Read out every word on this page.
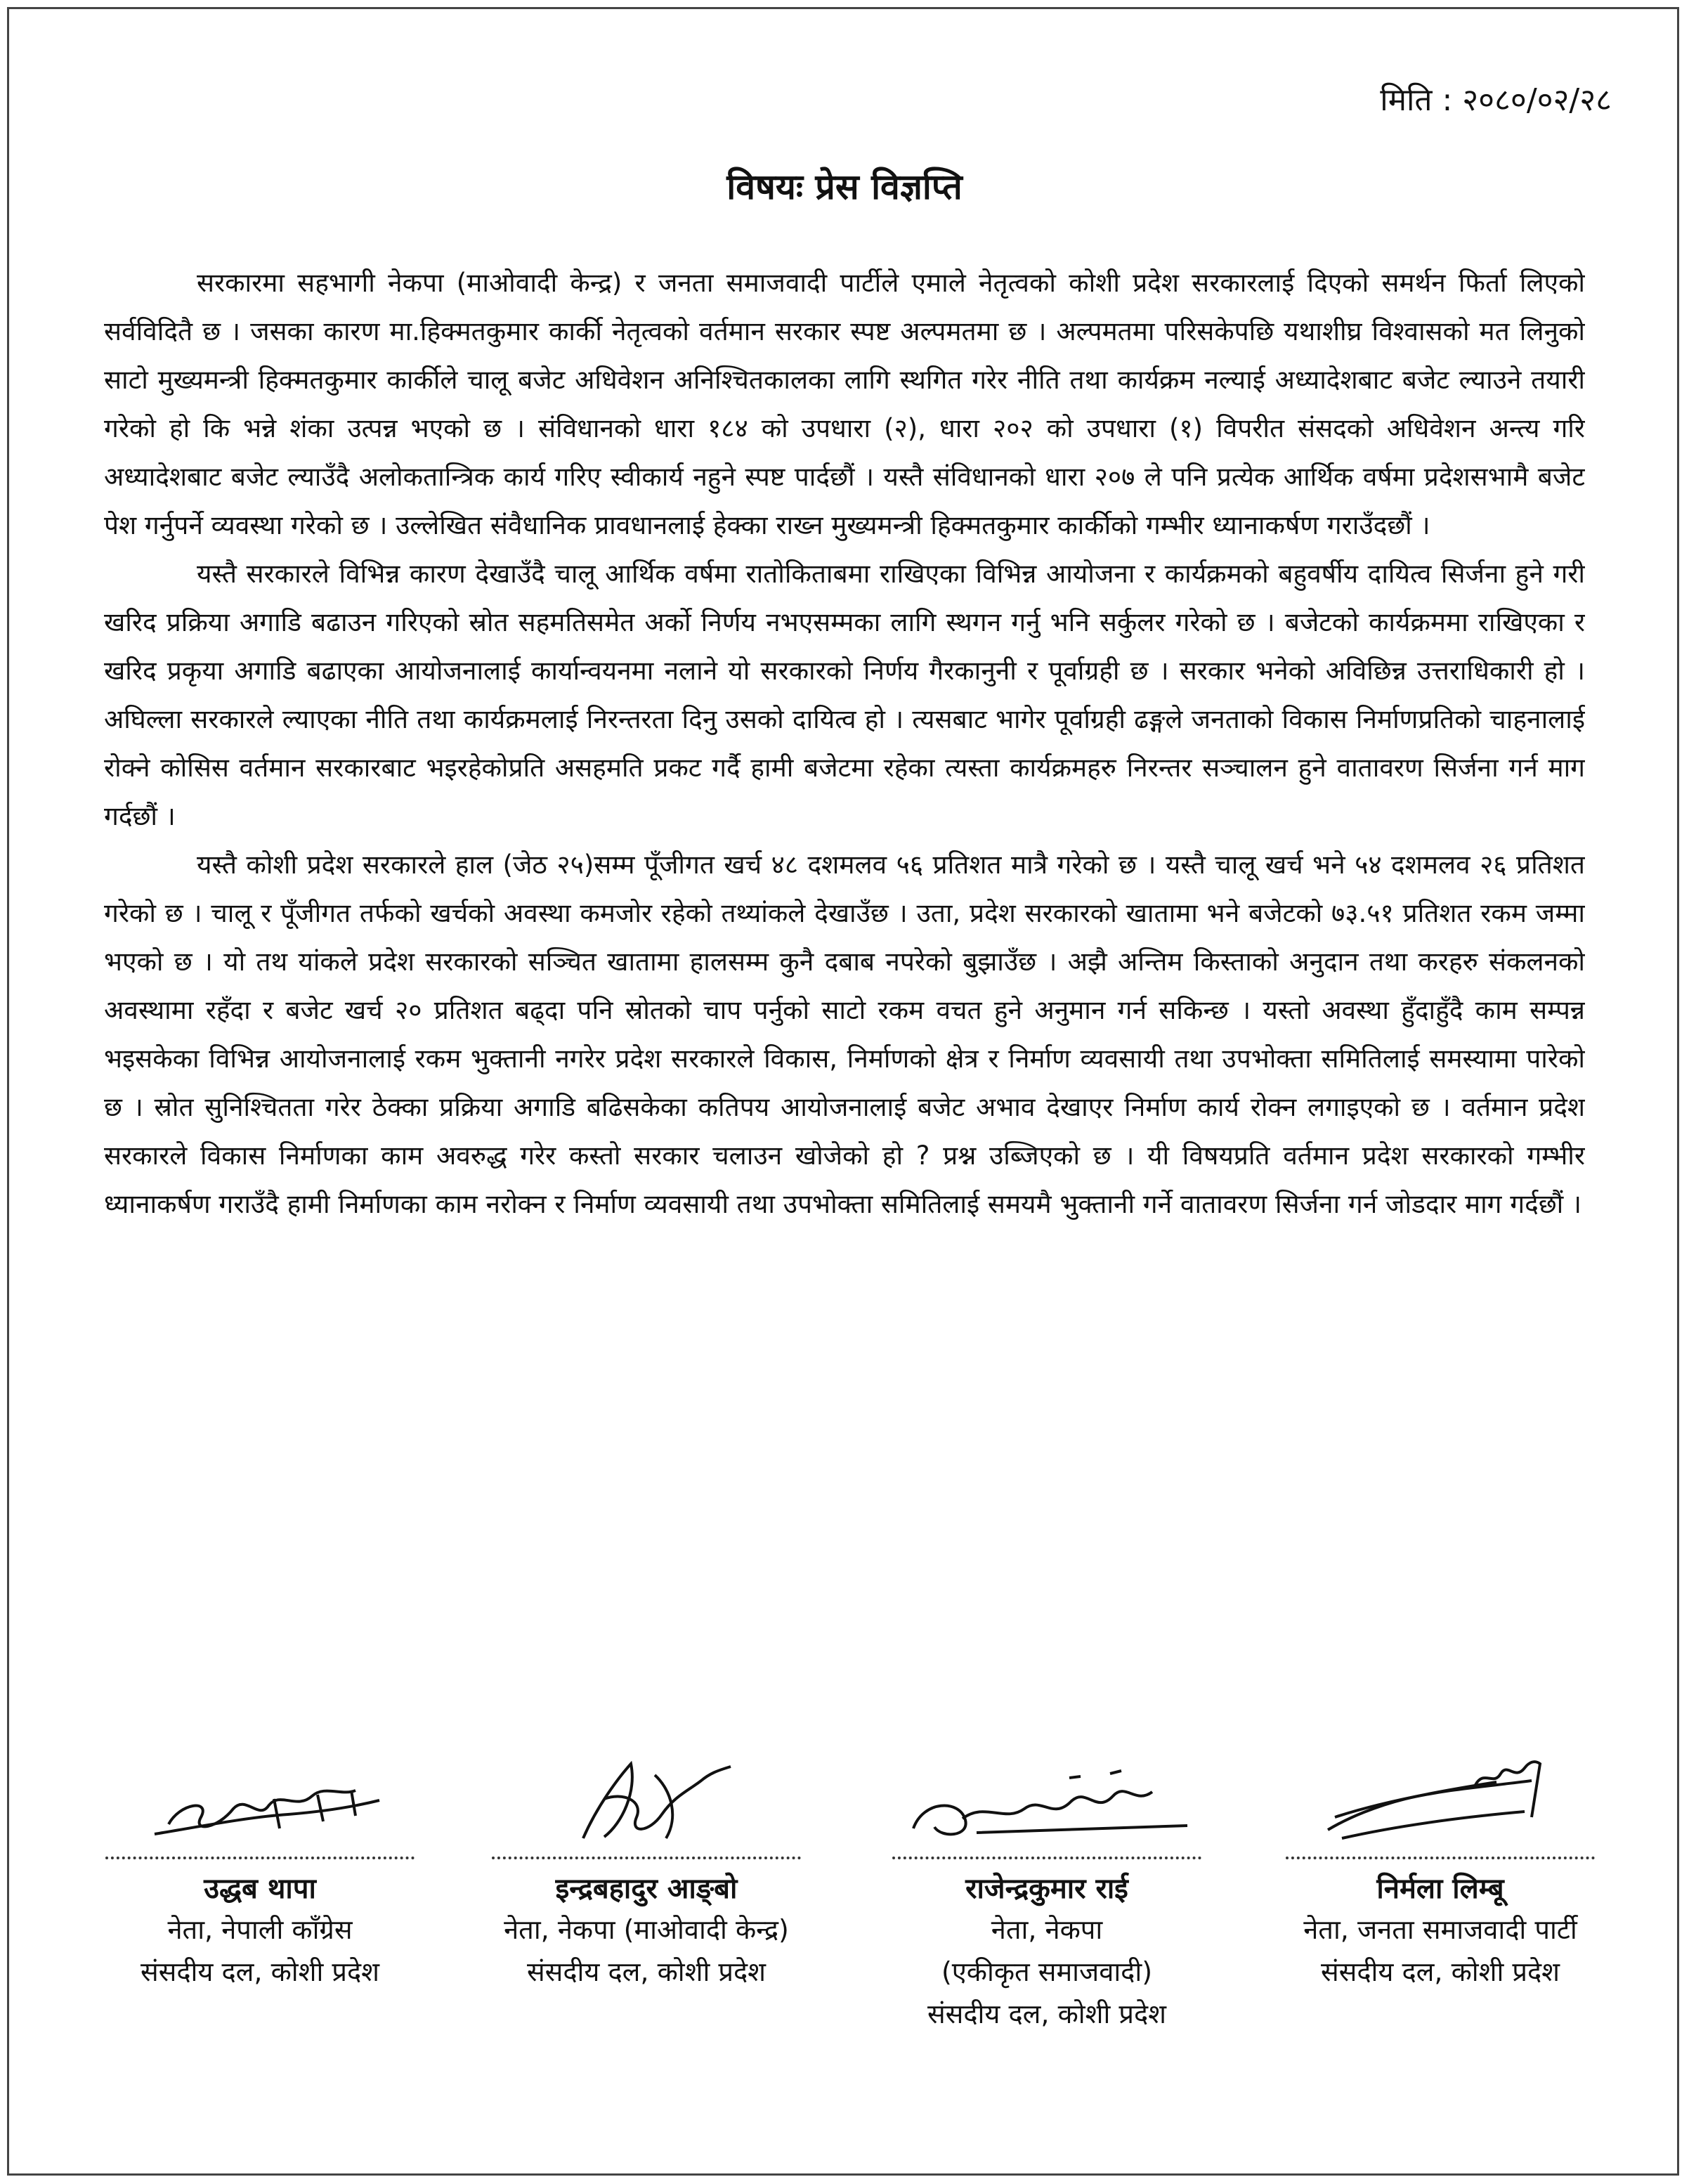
मिति : २०८०/०२/२८
विषयः प्रेस विज्ञप्ति

सरकारमा सहभागी नेकपा (माओवादी केन्द्र) र जनता समाजवादी पार्टीले एमाले नेतृत्वको कोशी प्रदेश सरकारलाई दिएको समर्थन फिर्ता लिएको सर्वविदितै छ । जसका कारण मा.हिक्मतकुमार कार्की नेतृत्वको वर्तमान सरकार स्पष्ट अल्पमतमा छ । अल्पमतमा परिसकेपछि यथाशीघ्र विश्वासको मत लिनुको साटो मुख्यमन्त्री हिक्मतकुमार कार्कीले चालू बजेट अधिवेशन अनिश्चितकालका लागि स्थगित गरेर नीति तथा कार्यक्रम नल्याई अध्यादेशबाट बजेट ल्याउने तयारी गरेको हो कि भन्ने शंका उत्पन्न भएको छ । संविधानको धारा १८४ को उपधारा (२), धारा २०२ को उपधारा (१) विपरीत संसदको अधिवेशन अन्त्य गरि अध्यादेशबाट बजेट ल्याउँदै अलोकतान्त्रिक कार्य गरिए स्वीकार्य नहुने स्पष्ट पार्दछौं । यस्तै संविधानको धारा २०७ ले पनि प्रत्येक आर्थिक वर्षमा प्रदेशसभामै बजेट पेश गर्नुपर्ने व्यवस्था गरेको छ । उल्लेखित संवैधानिक प्रावधानलाई हेक्का राख्न मुख्यमन्त्री हिक्मतकुमार कार्कीको गम्भीर ध्यानाकर्षण गराउँदछौं ।

यस्तै सरकारले विभिन्न कारण देखाउँदै चालू आर्थिक वर्षमा रातोकिताबमा राखिएका विभिन्न आयोजना र कार्यक्रमको बहुवर्षीय दायित्व सिर्जना हुने गरी खरिद प्रक्रिया अगाडि बढाउन गरिएको स्रोत सहमतिसमेत अर्को निर्णय नभएसम्मका लागि स्थगन गर्नु भनि सर्कुलर गरेको छ । बजेटको कार्यक्रममा राखिएका र खरिद प्रकृया अगाडि बढाएका आयोजनालाई कार्यान्वयनमा नलाने यो सरकारको निर्णय गैरकानुनी र पूर्वाग्रही छ । सरकार भनेको अविछिन्न उत्तराधिकारी हो । अघिल्ला सरकारले ल्याएका नीति तथा कार्यक्रमलाई निरन्तरता दिनु उसको दायित्व हो । त्यसबाट भागेर पूर्वाग्रही ढङ्गले जनताको विकास निर्माणप्रतिको चाहनालाई रोक्ने कोसिस वर्तमान सरकारबाट भइरहेकोप्रति असहमति प्रकट गर्दै हामी बजेटमा रहेका त्यस्ता कार्यक्रमहरु निरन्तर सञ्चालन हुने वातावरण सिर्जना गर्न माग गर्दछौं ।

यस्तै कोशी प्रदेश सरकारले हाल (जेठ २५)सम्म पूँजीगत खर्च ४८ दशमलव ५६ प्रतिशत मात्रै गरेको छ । यस्तै चालू खर्च भने ५४ दशमलव २६ प्रतिशत गरेको छ । चालू र पूँजीगत तर्फको खर्चको अवस्था कमजोर रहेको तथ्यांकले देखाउँछ । उता, प्रदेश सरकारको खातामा भने बजेटको ७३.५१ प्रतिशत रकम जम्मा भएको छ । यो तथ यांकले प्रदेश सरकारको सञ्चित खातामा हालसम्म कुनै दबाब नपरेको बुझाउँछ । अझै अन्तिम किस्ताको अनुदान तथा करहरु संकलनको अवस्थामा रहँदा र बजेट खर्च २० प्रतिशत बढ्दा पनि स्रोतको चाप पर्नुको साटो रकम वचत हुने अनुमान गर्न सकिन्छ । यस्तो अवस्था हुँदाहुँदै काम सम्पन्न भइसकेका विभिन्न आयोजनालाई रकम भुक्तानी नगरेर प्रदेश सरकारले विकास, निर्माणको क्षेत्र र निर्माण व्यवसायी तथा उपभोक्ता समितिलाई समस्यामा पारेको छ । स्रोत सुनिश्चितता गरेर ठेक्का प्रक्रिया अगाडि बढिसकेका कतिपय आयोजनालाई बजेट अभाव देखाएर निर्माण कार्य रोक्न लगाइएको छ । वर्तमान प्रदेश सरकारले विकास निर्माणका काम अवरुद्ध गरेर कस्तो सरकार चलाउन खोजेको हो ? प्रश्न उब्जिएको छ । यी विषयप्रति वर्तमान प्रदेश सरकारको गम्भीर ध्यानाकर्षण गराउँदै हामी निर्माणका काम नरोक्न र निर्माण व्यवसायी तथा उपभोक्ता समितिलाई समयमै भुक्तानी गर्ने वातावरण सिर्जना गर्न जोडदार माग गर्दछौं ।

उद्धब थापा
नेता, नेपाली काँग्रेस
संसदीय दल, कोशी प्रदेश
इन्द्रबहादुर आङ्बो
नेता, नेकपा (माओवादी केन्द्र)
संसदीय दल, कोशी प्रदेश
राजेन्द्रकुमार राई
नेता, नेकपा
(एकीकृत समाजवादी)
संसदीय दल, कोशी प्रदेश
निर्मला लिम्बू
नेता, जनता समाजवादी पार्टी
संसदीय दल, कोशी प्रदेश
